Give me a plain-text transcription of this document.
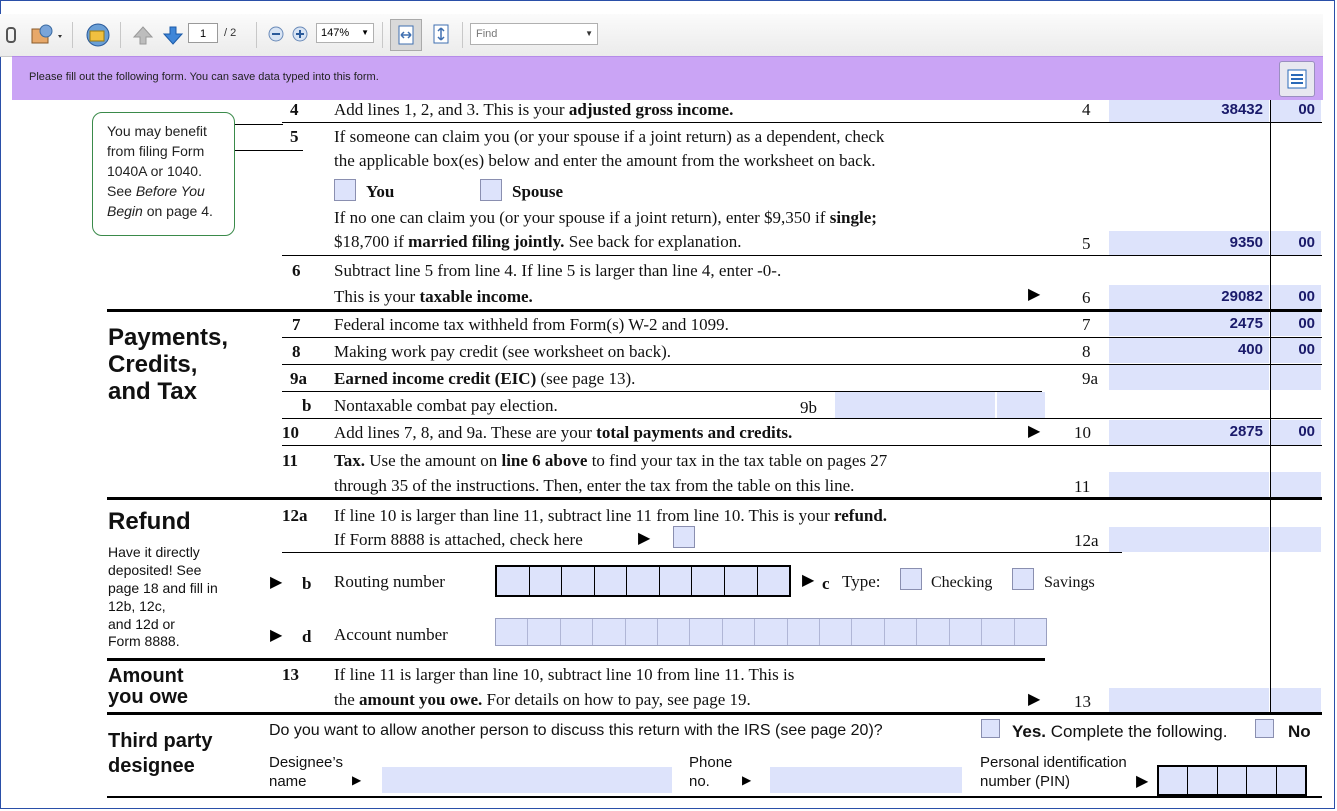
1	/ 2	147% ▼	Find	▼
Please fill out the following form. You can save data typed into this form.
You may benefit
from filing Form
1040A or 1040.
See Before You
Begin on page 4.
4 Add lines 1, 2, and 3. This is your adjusted gross income.	4	38432 00
5 If someone can claim you (or your spouse if a joint return) as a dependent, check
the applicable box(es) below and enter the amount from the worksheet on back.
You	Spouse
If no one can claim you (or your spouse if a joint return), enter $9,350 if single;
$18,700 if married filing jointly. See back for explanation.	5	9350 00
6 Subtract line 5 from line 4. If line 5 is larger than line 4, enter -0-.
This is your taxable income.	▶ 6	29082 00
Payments,
Credits,
and Tax
7 Federal income tax withheld from Form(s) W-2 and 1099.	7	2475 00
8 Making work pay credit (see worksheet on back).	8	400 00
9a Earned income credit (EIC) (see page 13).	9a
b Nontaxable combat pay election.	9b
10 Add lines 7, 8, and 9a. These are your total payments and credits.	▶ 10	2875 00
11 Tax. Use the amount on line 6 above to find your tax in the tax table on pages 27
through 35 of the instructions. Then, enter the tax from the table on this line.	11
Refund
Have it directly
deposited! See
page 18 and fill in
12b, 12c,
and 12d or
Form 8888.
12a If line 10 is larger than line 11, subtract line 11 from line 10. This is your refund.
If Form 8888 is attached, check here	▶	12a
▶ b Routing number	▶ c Type:	Checking	Savings
▶ d Account number
Amount
you owe
13 If line 11 is larger than line 10, subtract line 10 from line 11. This is
the amount you owe. For details on how to pay, see page 19.	▶ 13
Third party
designee
Do you want to allow another person to discuss this return with the IRS (see page 20)?	Yes. Complete the following.	No
Designee’s
name	▶
Phone
no.	▶
Personal identification
number (PIN)	▶
